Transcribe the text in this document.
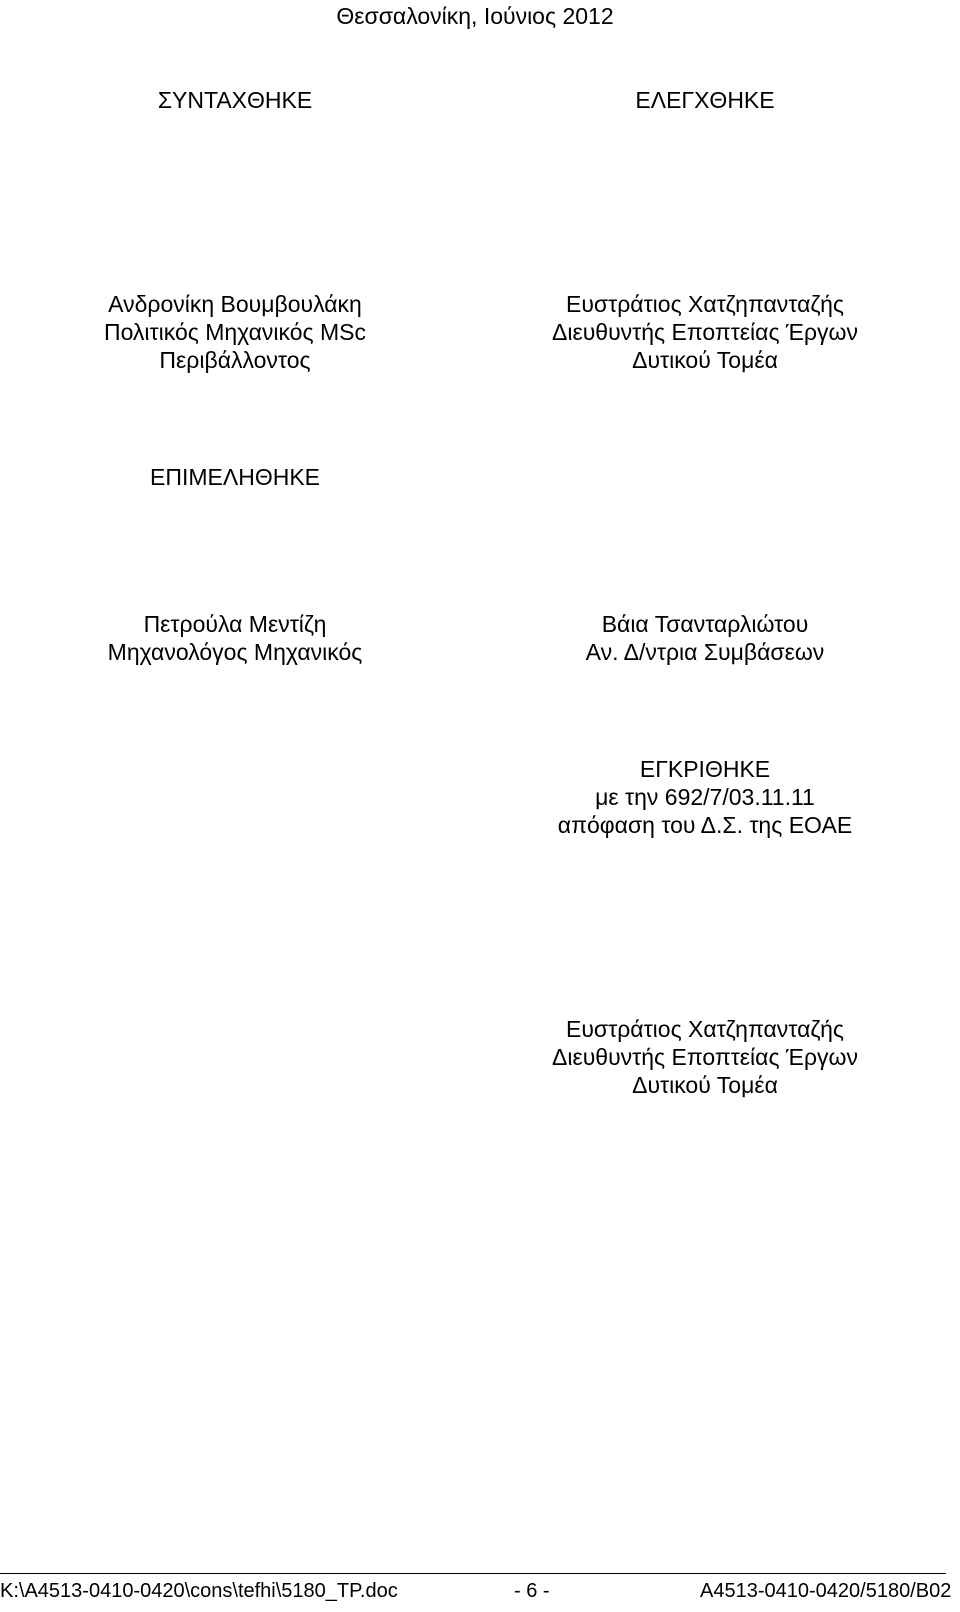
Θεσσαλονίκη, Ιούνιος 2012
ΣΥΝΤΑΧΘΗΚΕ
Ανδρονίκη Βουμβουλάκη
Πολιτικός Μηχανικός MSc
Περιβάλλοντος
ΕΛΕΓΧΘΗΚΕ
Ευστράτιος Χατζηπανταζής
Διευθυντής Εποπτείας Έργων
Δυτικού Τομέα
ΕΠΙΜΕΛΗΘΗΚΕ
Πετρούλα Μεντίζη
Μηχανολόγος Μηχανικός
Βάια Τσανταρλιώτου
Αν. Δ/ντρια Συμβάσεων
ΕΓΚΡΙΘΗΚΕ
με την 692/7/03.11.11
απόφαση του Δ.Σ. της ΕΟΑΕ
Ευστράτιος Χατζηπανταζής
Διευθυντής Εποπτείας Έργων
Δυτικού Τομέα
K:\A4513-0410-0420\cons\tefhi\5180_TP.doc	- 6 -	A4513-0410-0420/5180/B02
